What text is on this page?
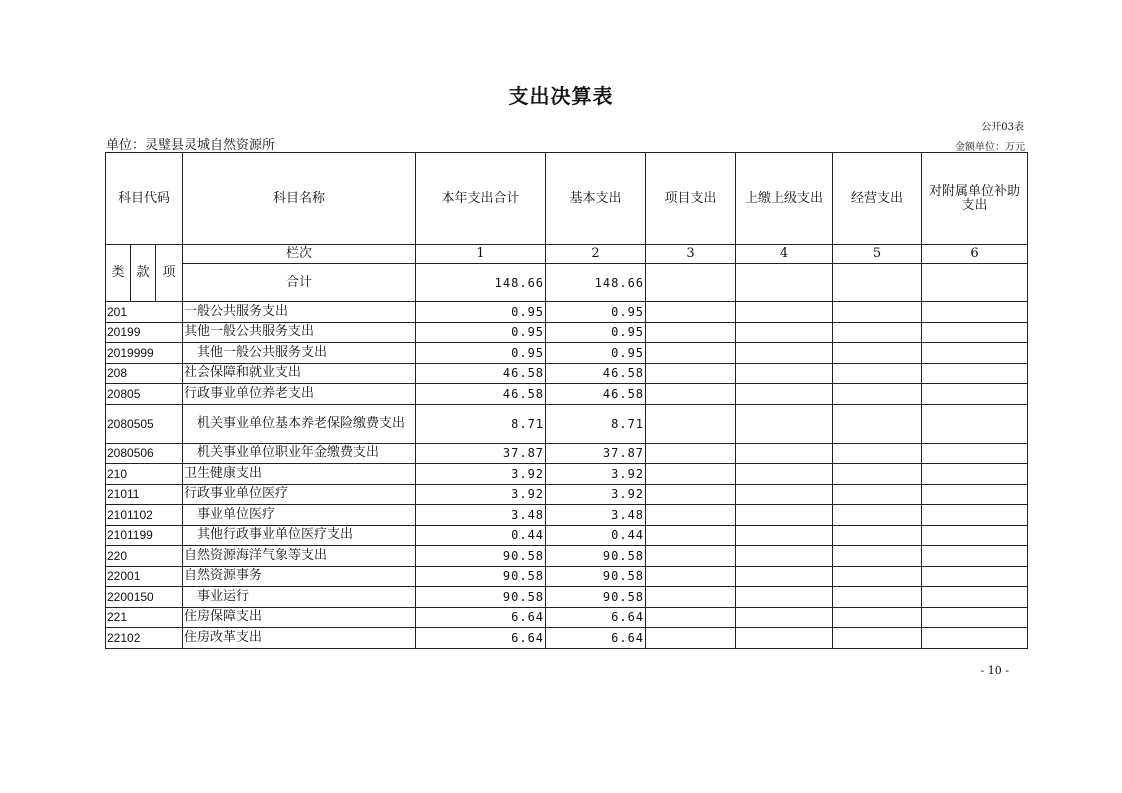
支出决算表
公开03表
单位：灵璧县灵城自然资源所	金额单位：万元
科目代码			科目名称	本年支出合计	基本支出	项目支出	上缴上级支出	经营支出	对附属单位补助支出
类	款	项	栏次	1	2	3	4	5	6
			合计	148.66	148.66				
201			一般公共服务支出	0.95	0.95				
20199			其他一般公共服务支出	0.95	0.95				
2019999			其他一般公共服务支出	0.95	0.95				
208			社会保障和就业支出	46.58	46.58				
20805			行政事业单位养老支出	46.58	46.58				
2080505			机关事业单位基本养老保险缴费支出	8.71	8.71				
2080506			机关事业单位职业年金缴费支出	37.87	37.87				
210			卫生健康支出	3.92	3.92				
21011			行政事业单位医疗	3.92	3.92				
2101102			事业单位医疗	3.48	3.48				
2101199			其他行政事业单位医疗支出	0.44	0.44				
220			自然资源海洋气象等支出	90.58	90.58				
22001			自然资源事务	90.58	90.58				
2200150			事业运行	90.58	90.58				
221			住房保障支出	6.64	6.64				
22102			住房改革支出	6.64	6.64				
- 10 -
